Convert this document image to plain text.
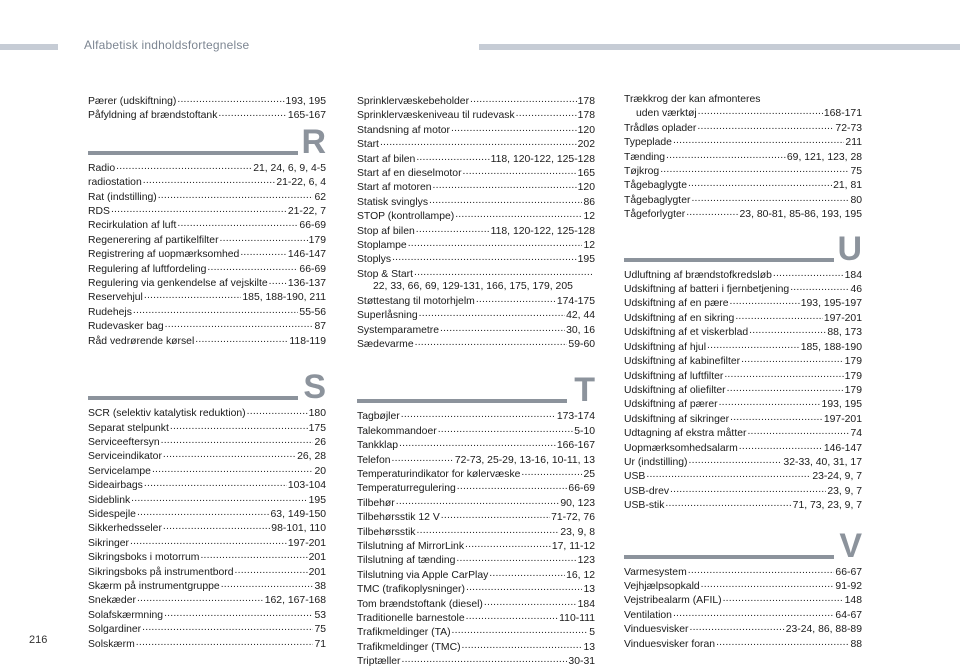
Alfabetisk indholdsfortegnelse
Pærer (udskiftning) .....	193, 195
Påfyldning af brændstoftank .....	165-167
R
Radio .....	21, 24, 6, 9, 4-5
radiostation .....	21-22, 6, 4
Rat (indstilling) .....	62
RDS .....	21-22, 7
Recirkulation af luft .....	66-69
Regenerering af partikelfilter .....	179
Registrering af uopmærksomhed .....	146-147
Regulering af luftfordeling .....	66-69
Regulering via genkendelse af vejskilte ..... 136-137
Reservehjul .....	185, 188-190, 211
Rudehejs .....	55-56
Rudevasker bag .....	87
Råd vedrørende kørsel .....	118-119
S
SCR (selektiv katalytisk reduktion) .....	180
Separat stelpunkt .....	175
Serviceeftersyn .....	26
Serviceindikator .....	26, 28
Servicelampe .....	20
Sideairbags .....	103-104
Sideblink .....	195
Sidespejle .....	63, 149-150
Sikkerhedsseler .....	98-101, 110
Sikringer .....	197-201
Sikringsboks i motorrum .....	201
Sikringsboks på instrumentbord .....	201
Skærm på instrumentgruppe .....	38
Snekæder .....	162, 167-168
Solafskærmning .....	53
Solgardiner .....	75
Solskærm .....	71
Sprinklervæskebeholder .....	178
Sprinklervæskeniveau til rudevask .....	178
Standsning af motor .....	120
Start .....	202
Start af bilen .....	118, 120-122, 125-128
Start af en dieselmotor .....	165
Start af motoren .....	120
Statisk svinglys .....	86
STOP (kontrollampe) .....	12
Stop af bilen .....	118, 120-122, 125-128
Stoplampe .....	12
Stoplys .....	195
Stop & Start
.....
22, 33, 66, 69, 129-131, 166, 175, 179, 205
Støttestang til motorhjelm .....	174-175
Superlåsning .....	42, 44
Systemparametre .....	30, 16
Sædevarme .....	59-60
T
Tagbøjler .....	173-174
Talekommandoer .....	5-10
Tankklap .....	166-167
Telefon .....	72-73, 25-29, 13-16, 10-11, 13
Temperaturindikator for kølervæske .....	25
Temperaturregulering .....	66-69
Tilbehør .....	90, 123
Tilbehørsstik 12 V .....	71-72, 76
Tilbehørsstik .....	23, 9, 8
Tilslutning af MirrorLink .....	17, 11-12
Tilslutning af tænding .....	123
Tilslutning via Apple CarPlay .....	16, 12
TMC (trafikoplysninger) .....	13
Tom brændstoftank (diesel) .....	184
Traditionelle barnestole .....	110-111
Trafikmeldinger (TA) .....	5
Trafikmeldinger (TMC) .....	13
Triptæller .....	30-31
Trækkrog der kan afmonteres
uden værktøj .....	168-171
Trådløs oplader .....	72-73
Typeplade .....	211
Tænding .....	69, 121, 123, 28
Tøjkrog .....	75
Tågebaglygte .....	21, 81
Tågebaglygter .....	80
Tågeforlygter .....	23, 80-81, 85-86, 193, 195
U
Udluftning af brændstofkredsløb .....	184
Udskiftning af batteri i fjernbetjening .....	46
Udskiftning af en pære .....	193, 195-197
Udskiftning af en sikring .....	197-201
Udskiftning af et viskerblad .....	88, 173
Udskiftning af hjul .....	185, 188-190
Udskiftning af kabinefilter .....	179
Udskiftning af luftfilter .....	179
Udskiftning af oliefilter .....	179
Udskiftning af pærer .....	193, 195
Udskiftning af sikringer .....	197-201
Udtagning af ekstra måtter .....	74
Uopmærksomhedsalarm .....	146-147
Ur (indstilling) .....	32-33, 40, 31, 17
USB .....	23-24, 9, 7
USB-drev .....	23, 9, 7
USB-stik .....	71, 73, 23, 9, 7
V
Varmesystem .....	66-67
Vejhjælpsopkald .....	91-92
Vejstribealarm (AFIL) .....	148
Ventilation .....	64-67
Vinduesvisker .....	23-24, 86, 88-89
Vinduesvisker foran .....	88
216
